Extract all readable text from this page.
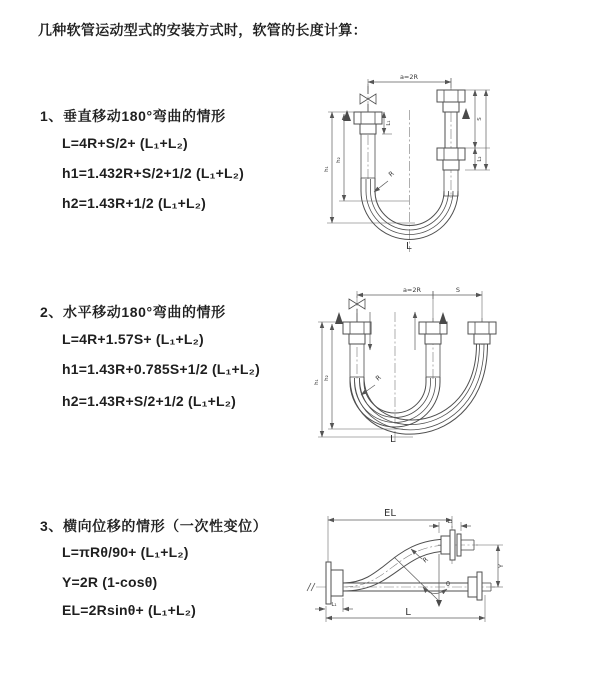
几种软管运动型式的安装方式时，软管的长度计算：
1、垂直移动180°弯曲的情形
L=4R+S/2+ (L₁+L₂)
h1=1.432R+S/2+1/2 (L₁+L₂)
h2=1.43R+1/2 (L₁+L₂)
2、水平移动180°弯曲的情形
L=4R+1.57S+ (L₁+L₂)
h1=1.43R+0.785S+1/2 (L₁+L₂)
h2=1.43R+S/2+1/2 (L₁+L₂)
3、横向位移的情形（一次性变位）
L=πRθ/90+ (L₁+L₂)
Y=2R (1-cosθ)
EL=2Rsinθ+ (L₁+L₂)
a=2R
h₁
h₂
L₁
S
L₂
R
L
a=2R	S
h₁
h₂	R
L
EL
L₂
Y
R
θ
L₁
L
